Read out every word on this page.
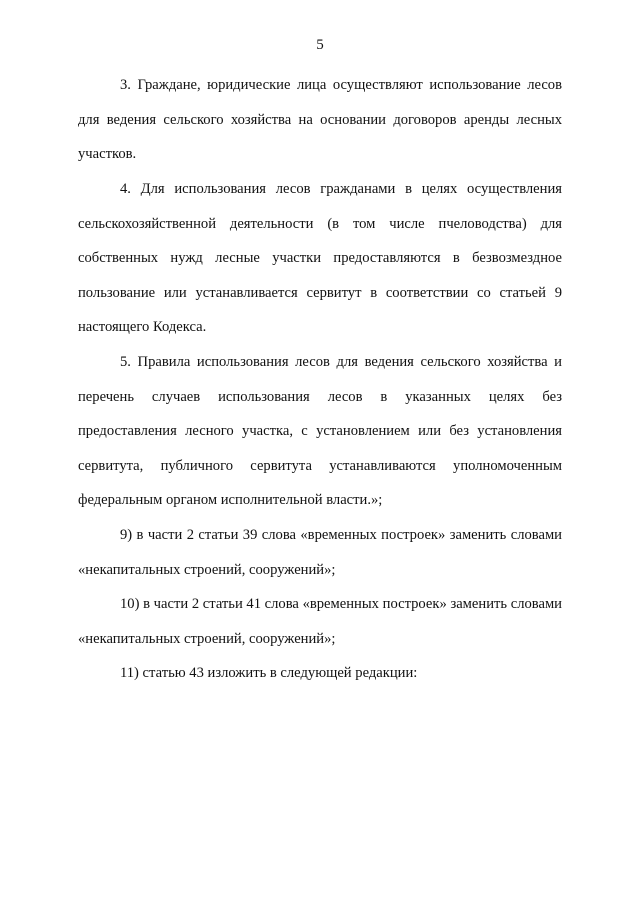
5

3. Граждане, юридические лица осуществляют использование лесов для ведения сельского хозяйства на основании договоров аренды лесных участков.

4. Для использования лесов гражданами в целях осуществления сельскохозяйственной деятельности (в том числе пчеловодства) для собственных нужд лесные участки предоставляются в безвозмездное пользование или устанавливается сервитут в соответствии со статьей 9 настоящего Кодекса.

5. Правила использования лесов для ведения сельского хозяйства и перечень случаев использования лесов в указанных целях без предоставления лесного участка, с установлением или без установления сервитута, публичного сервитута устанавливаются уполномоченным федеральным органом исполнительной власти.»;

9) в части 2 статьи 39 слова «временных построек» заменить словами «некапитальных строений, сооружений»;

10) в части 2 статьи 41 слова «временных построек» заменить словами «некапитальных строений, сооружений»;

11) статью 43 изложить в следующей редакции:
